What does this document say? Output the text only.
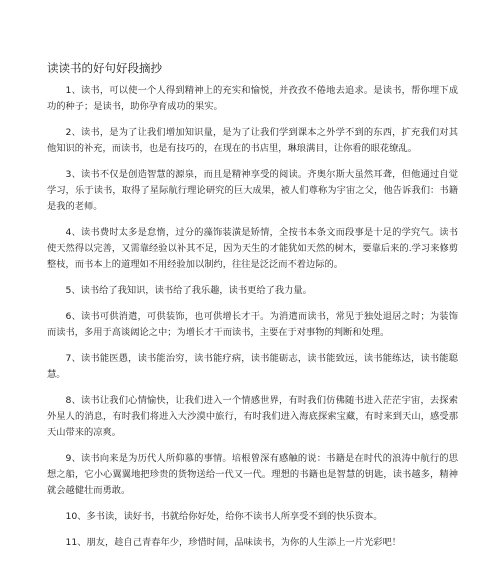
读读书的好句好段摘抄

1、读书，可以使一个人得到精神上的充实和愉悦，并孜孜不倦地去追求。是读书，帮你埋下成功的种子；是读书，助你孕育成功的果实。

2、读书，是为了让我们增加知识量，是为了让我们学到课本之外学不到的东西，扩充我们对其他知识的补充，而读书，也是有技巧的，在现在的书店里，琳琅满目，让你看的眼花缭乱。

3、读书不仅是创造智慧的源泉，而且是精神享受的阅读。齐奥尔斯大虽然耳聋，但他通过自觉学习，乐于读书，取得了星际航行理论研究的巨大成果，被人们尊称为宇宙之父，他告诉我们：书籍是我的老师。

4、读书费时太多是怠惰，过分的藻饰装潢是矫情，全按书本条文而段事是十足的学究气。读书使天然得以完善，又需靠经验以补其不足，因为天生的才能犹如天然的树木，要靠后来的.学习来修剪整枝，而书本上的道理如不用经验加以制约，往往是泛泛而不着边际的。

5、读书给了我知识，读书给了我乐趣，读书更给了我力量。

6、读书可供消遣，可供装饰，也可供增长才干。为消遣而读书，常见于独处退居之时；为装饰而读书，多用于高谈阔论之中；为增长才干而读书，主要在于对事物的判断和处理。

7、读书能医愚，读书能治穷，读书能疗病，读书能砺志，读书能致远，读书能练达，读书能聪慧。

8、读书让我们心情愉快，让我们进入一个情感世界，有时我们仿佛随书进入茫茫宇宙，去探索外星人的消息，有时我们将进入大沙漠中旅行，有时我们进入海底探索宝藏，有时来到天山，感受那天山带来的凉爽。

9、读书向来是为历代人所仰慕的事情。培根曾深有感触的说：书籍是在时代的浪涛中航行的思想之船，它小心翼翼地把珍贵的货物送给一代又一代。理想的书籍也是智慧的钥匙，读书越多，精神就会越健壮而勇敢。

10、多书读，读好书，书就给你好处，给你不读书人所享受不到的快乐资本。

11、朋友，趁自己青春年少，珍惜时间，品味读书，为你的人生添上一片光彩吧！
